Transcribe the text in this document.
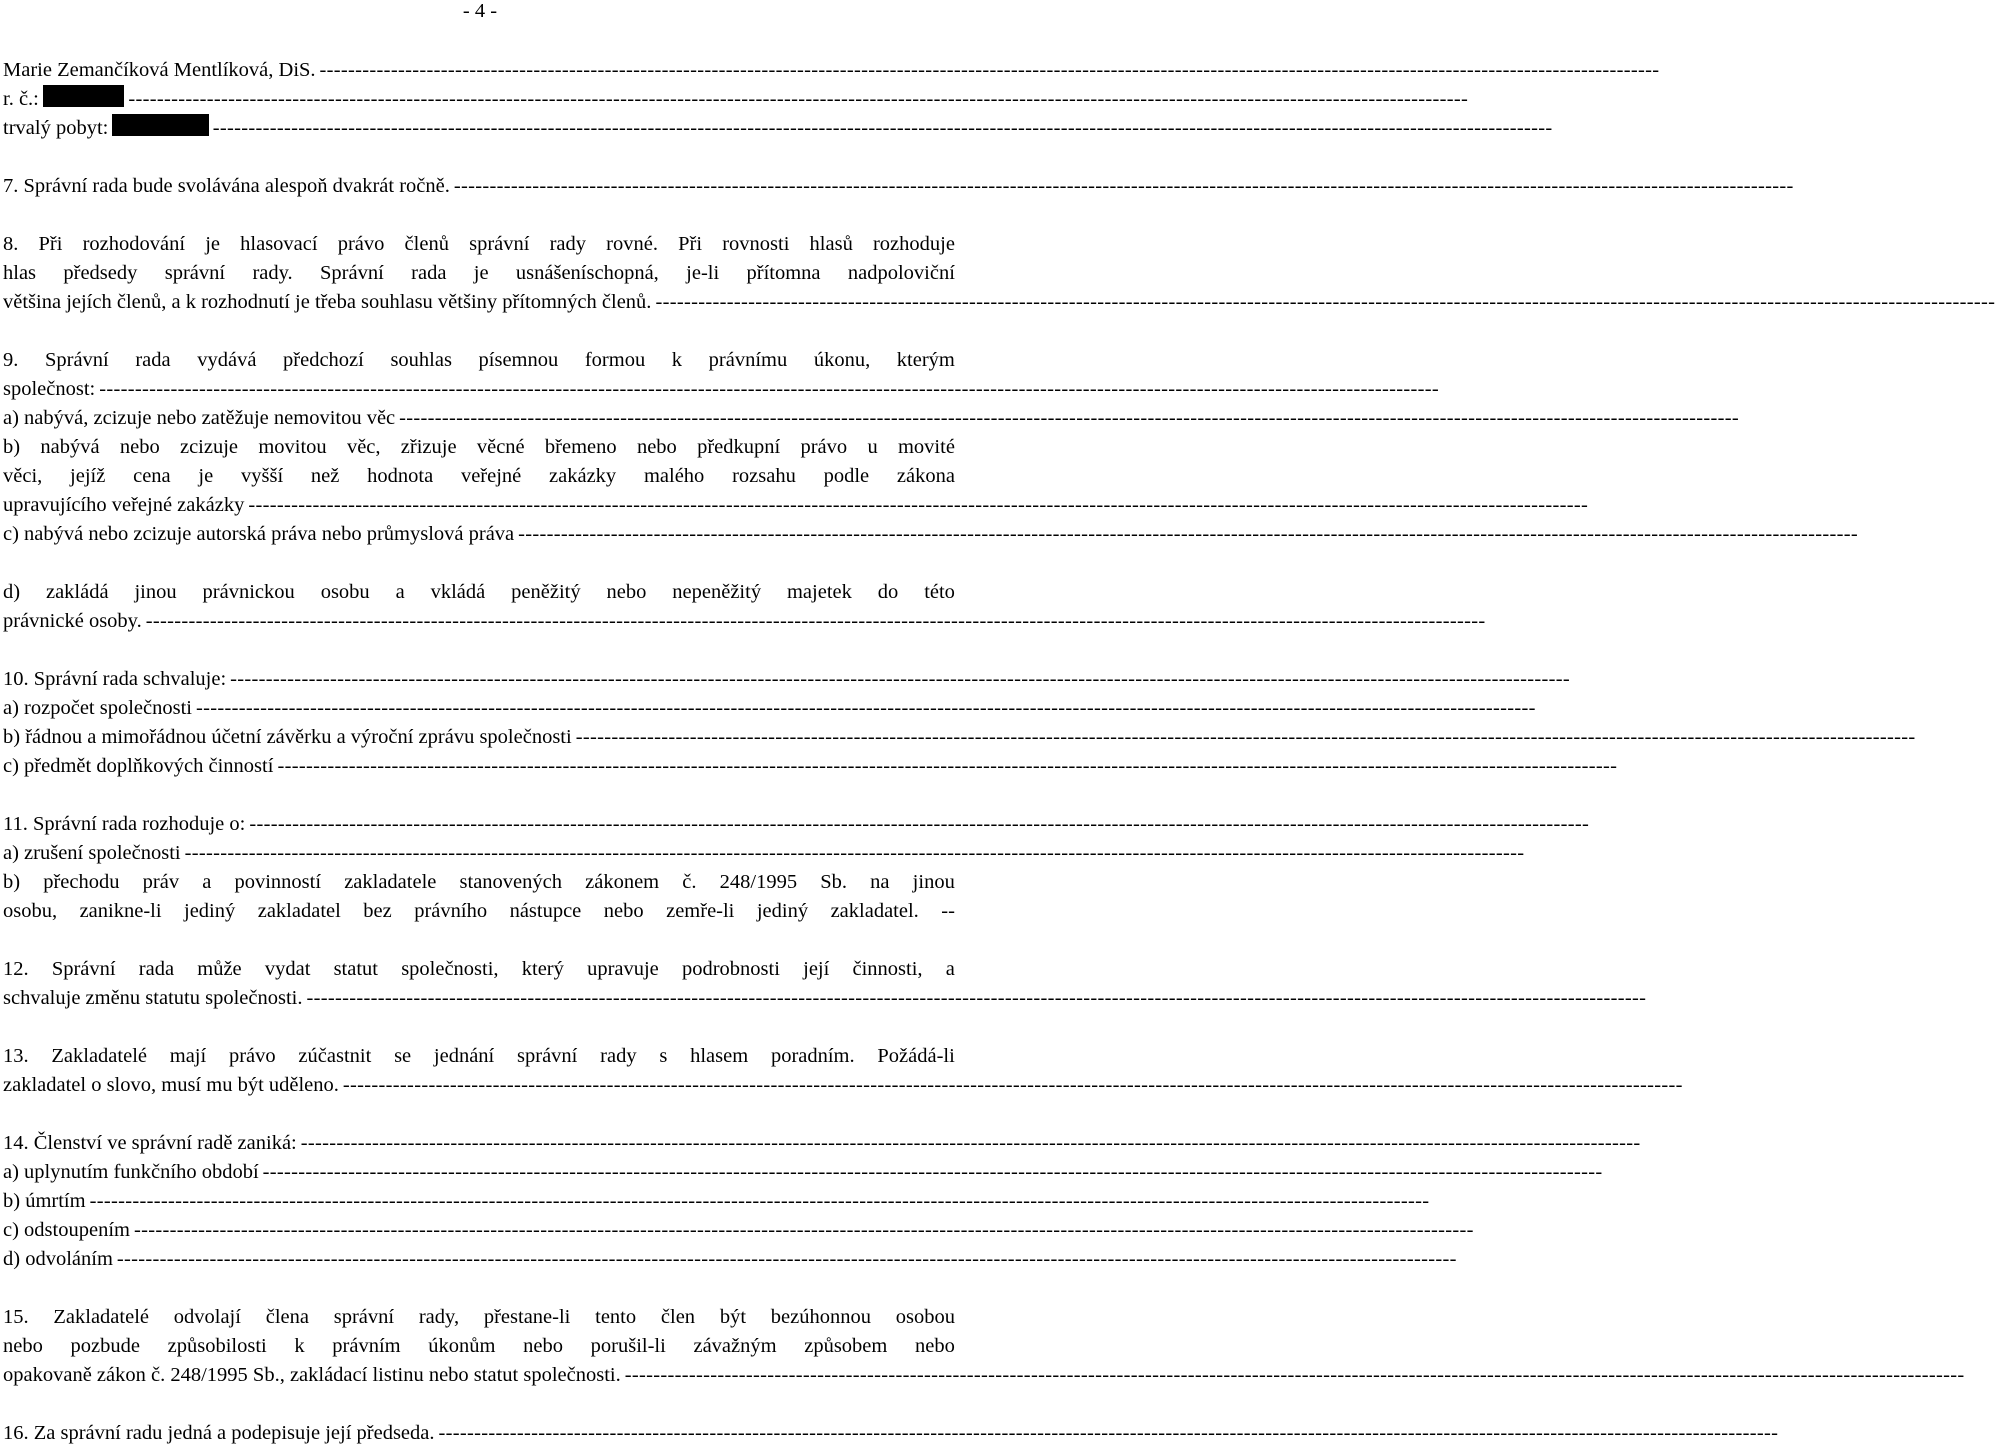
- 4 -
Marie Zemančíková Mentlíková, DiS. --------------------------------------------------------------------------------------------------------------------------------------------------------------------------------------------
r. č.:	--------------------------------------------------------------------------------------------------------------------------------------------------------------------------------------------
trvalý pobyt:	--------------------------------------------------------------------------------------------------------------------------------------------------------------------------------------------
7. Správní rada bude svolávána alespoň dvakrát ročně. --------------------------------------------------------------------------------------------------------------------------------------------------------------------------------------------
8. Při rozhodování je hlasovací právo členů správní rady rovné. Při rovnosti hlasů rozhoduje
hlas předsedy správní rady. Správní rada je usnášeníschopná, je-li přítomna nadpoloviční
většina jejích členů, a k rozhodnutí je třeba souhlasu většiny přítomných členů. --------------------------------------------------------------------------------------------------------------------------------------------------------------------------------------------
9. Správní rada vydává předchozí souhlas písemnou formou k právnímu úkonu, kterým
společnost: --------------------------------------------------------------------------------------------------------------------------------------------------------------------------------------------
a) nabývá, zcizuje nebo zatěžuje nemovitou věc --------------------------------------------------------------------------------------------------------------------------------------------------------------------------------------------
b) nabývá nebo zcizuje movitou věc, zřizuje věcné břemeno nebo předkupní právo u movité
věci, jejíž cena je vyšší než hodnota veřejné zakázky malého rozsahu podle zákona
upravujícího veřejné zakázky --------------------------------------------------------------------------------------------------------------------------------------------------------------------------------------------
c) nabývá nebo zcizuje autorská práva nebo průmyslová práva --------------------------------------------------------------------------------------------------------------------------------------------------------------------------------------------
d) zakládá jinou právnickou osobu a vkládá peněžitý nebo nepeněžitý majetek do této
právnické osoby. --------------------------------------------------------------------------------------------------------------------------------------------------------------------------------------------
10. Správní rada schvaluje: --------------------------------------------------------------------------------------------------------------------------------------------------------------------------------------------
a) rozpočet společnosti --------------------------------------------------------------------------------------------------------------------------------------------------------------------------------------------
b) řádnou a mimořádnou účetní závěrku a výroční zprávu společnosti --------------------------------------------------------------------------------------------------------------------------------------------------------------------------------------------
c) předmět doplňkových činností --------------------------------------------------------------------------------------------------------------------------------------------------------------------------------------------
11. Správní rada rozhoduje o: --------------------------------------------------------------------------------------------------------------------------------------------------------------------------------------------
a) zrušení společnosti --------------------------------------------------------------------------------------------------------------------------------------------------------------------------------------------
b) přechodu práv a povinností zakladatele stanovených zákonem č. 248/1995 Sb. na jinou
osobu, zanikne-li jediný zakladatel bez právního nástupce nebo zemře-li jediný zakladatel. --
12. Správní rada může vydat statut společnosti, který upravuje podrobnosti její činnosti, a
schvaluje změnu statutu společnosti. --------------------------------------------------------------------------------------------------------------------------------------------------------------------------------------------
13. Zakladatelé mají právo zúčastnit se jednání správní rady s hlasem poradním. Požádá-li
zakladatel o slovo, musí mu být uděleno. --------------------------------------------------------------------------------------------------------------------------------------------------------------------------------------------
14. Členství ve správní radě zaniká: --------------------------------------------------------------------------------------------------------------------------------------------------------------------------------------------
a) uplynutím funkčního období --------------------------------------------------------------------------------------------------------------------------------------------------------------------------------------------
b) úmrtím --------------------------------------------------------------------------------------------------------------------------------------------------------------------------------------------
c) odstoupením --------------------------------------------------------------------------------------------------------------------------------------------------------------------------------------------
d) odvoláním --------------------------------------------------------------------------------------------------------------------------------------------------------------------------------------------
15. Zakladatelé odvolají člena správní rady, přestane-li tento člen být bezúhonnou osobou
nebo pozbude způsobilosti k právním úkonům nebo porušil-li závažným způsobem nebo
opakovaně zákon č. 248/1995 Sb., zakládací listinu nebo statut společnosti. --------------------------------------------------------------------------------------------------------------------------------------------------------------------------------------------
16. Za správní radu jedná a podepisuje její předseda. --------------------------------------------------------------------------------------------------------------------------------------------------------------------------------------------
